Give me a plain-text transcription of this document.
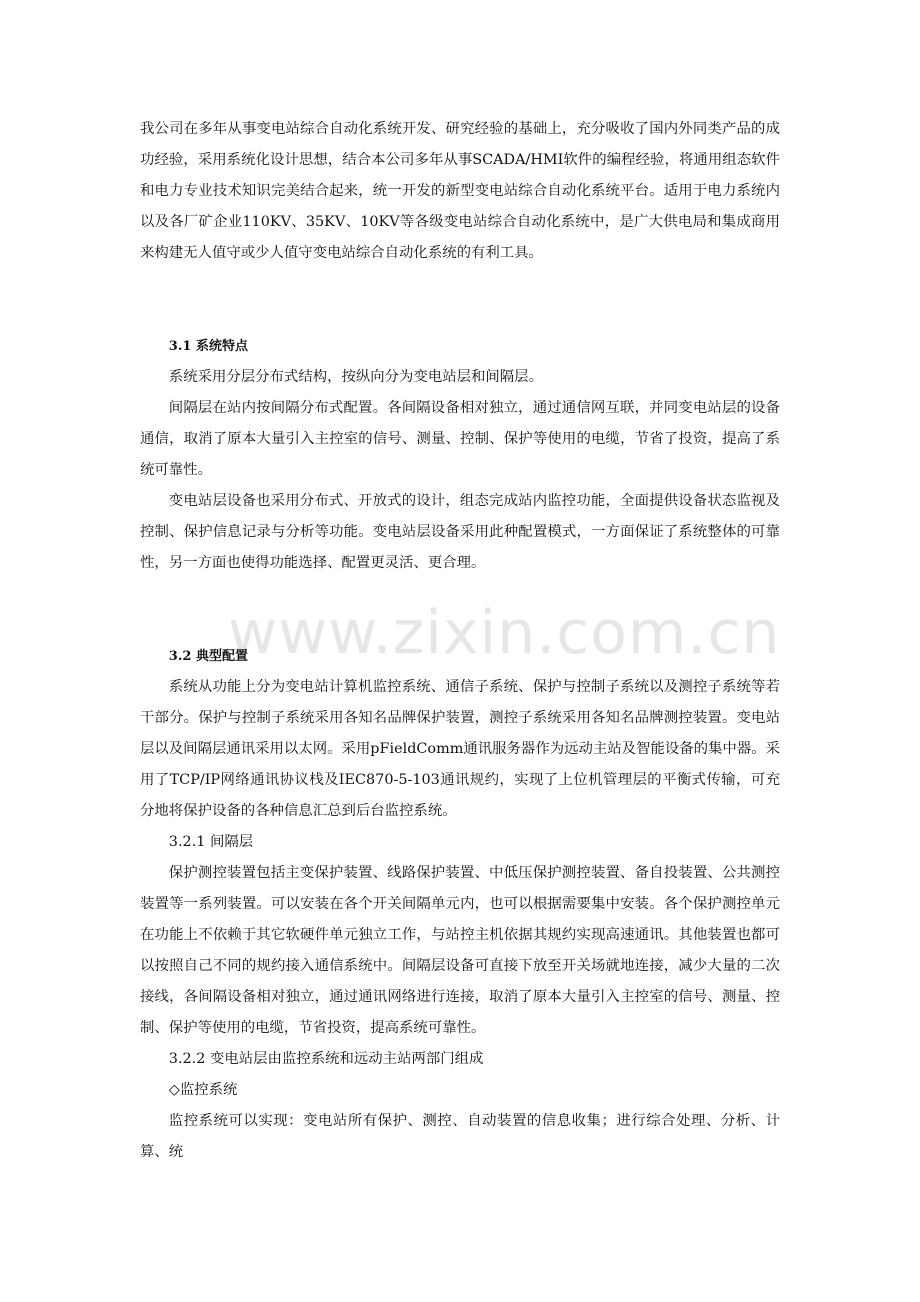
www.zixin.com.cn

我公司在多年从事变电站综合自动化系统开发、研究经验的基础上，充分吸收了国内外同类产品的成功经验，采用系统化设计思想，结合本公司多年从事SCADA/HMI软件的编程经验，将通用组态软件和电力专业技术知识完美结合起来，统一开发的新型变电站综合自动化系统平台。适用于电力系统内以及各厂矿企业110KV、35KV、10KV等各级变电站综合自动化系统中，是广大供电局和集成商用来构建无人值守或少人值守变电站综合自动化系统的有利工具。

3.1 系统特点

系统采用分层分布式结构，按纵向分为变电站层和间隔层。

间隔层在站内按间隔分布式配置。各间隔设备相对独立，通过通信网互联，并同变电站层的设备通信，取消了原本大量引入主控室的信号、测量、控制、保护等使用的电缆，节省了投资，提高了系统可靠性。

变电站层设备也采用分布式、开放式的设计，组态完成站内监控功能，全面提供设备状态监视及控制、保护信息记录与分析等功能。变电站层设备采用此种配置模式，一方面保证了系统整体的可靠性，另一方面也使得功能选择、配置更灵活、更合理。

3.2 典型配置

系统从功能上分为变电站计算机监控系统、通信子系统、保护与控制子系统以及测控子系统等若干部分。保护与控制子系统采用各知名品牌保护装置，测控子系统采用各知名品牌测控装置。变电站层以及间隔层通讯采用以太网。采用pFieldComm通讯服务器作为远动主站及智能设备的集中器。采用了TCP/IP网络通讯协议栈及IEC870-5-103通讯规约，实现了上位机管理层的平衡式传输，可充分地将保护设备的各种信息汇总到后台监控系统。

3.2.1 间隔层

保护测控装置包括主变保护装置、线路保护装置、中低压保护测控装置、备自投装置、公共测控装置等一系列装置。可以安装在各个开关间隔单元内，也可以根据需要集中安装。各个保护测控单元在功能上不依赖于其它软硬件单元独立工作，与站控主机依据其规约实现高速通讯。其他装置也都可以按照自己不同的规约接入通信系统中。间隔层设备可直接下放至开关场就地连接，减少大量的二次接线，各间隔设备相对独立，通过通讯网络进行连接，取消了原本大量引入主控室的信号、测量、控制、保护等使用的电缆，节省投资，提高系统可靠性。

3.2.2 变电站层由监控系统和远动主站两部门组成

◇监控系统

监控系统可以实现：变电站所有保护、测控、自动装置的信息收集；进行综合处理、分析、计算、统
